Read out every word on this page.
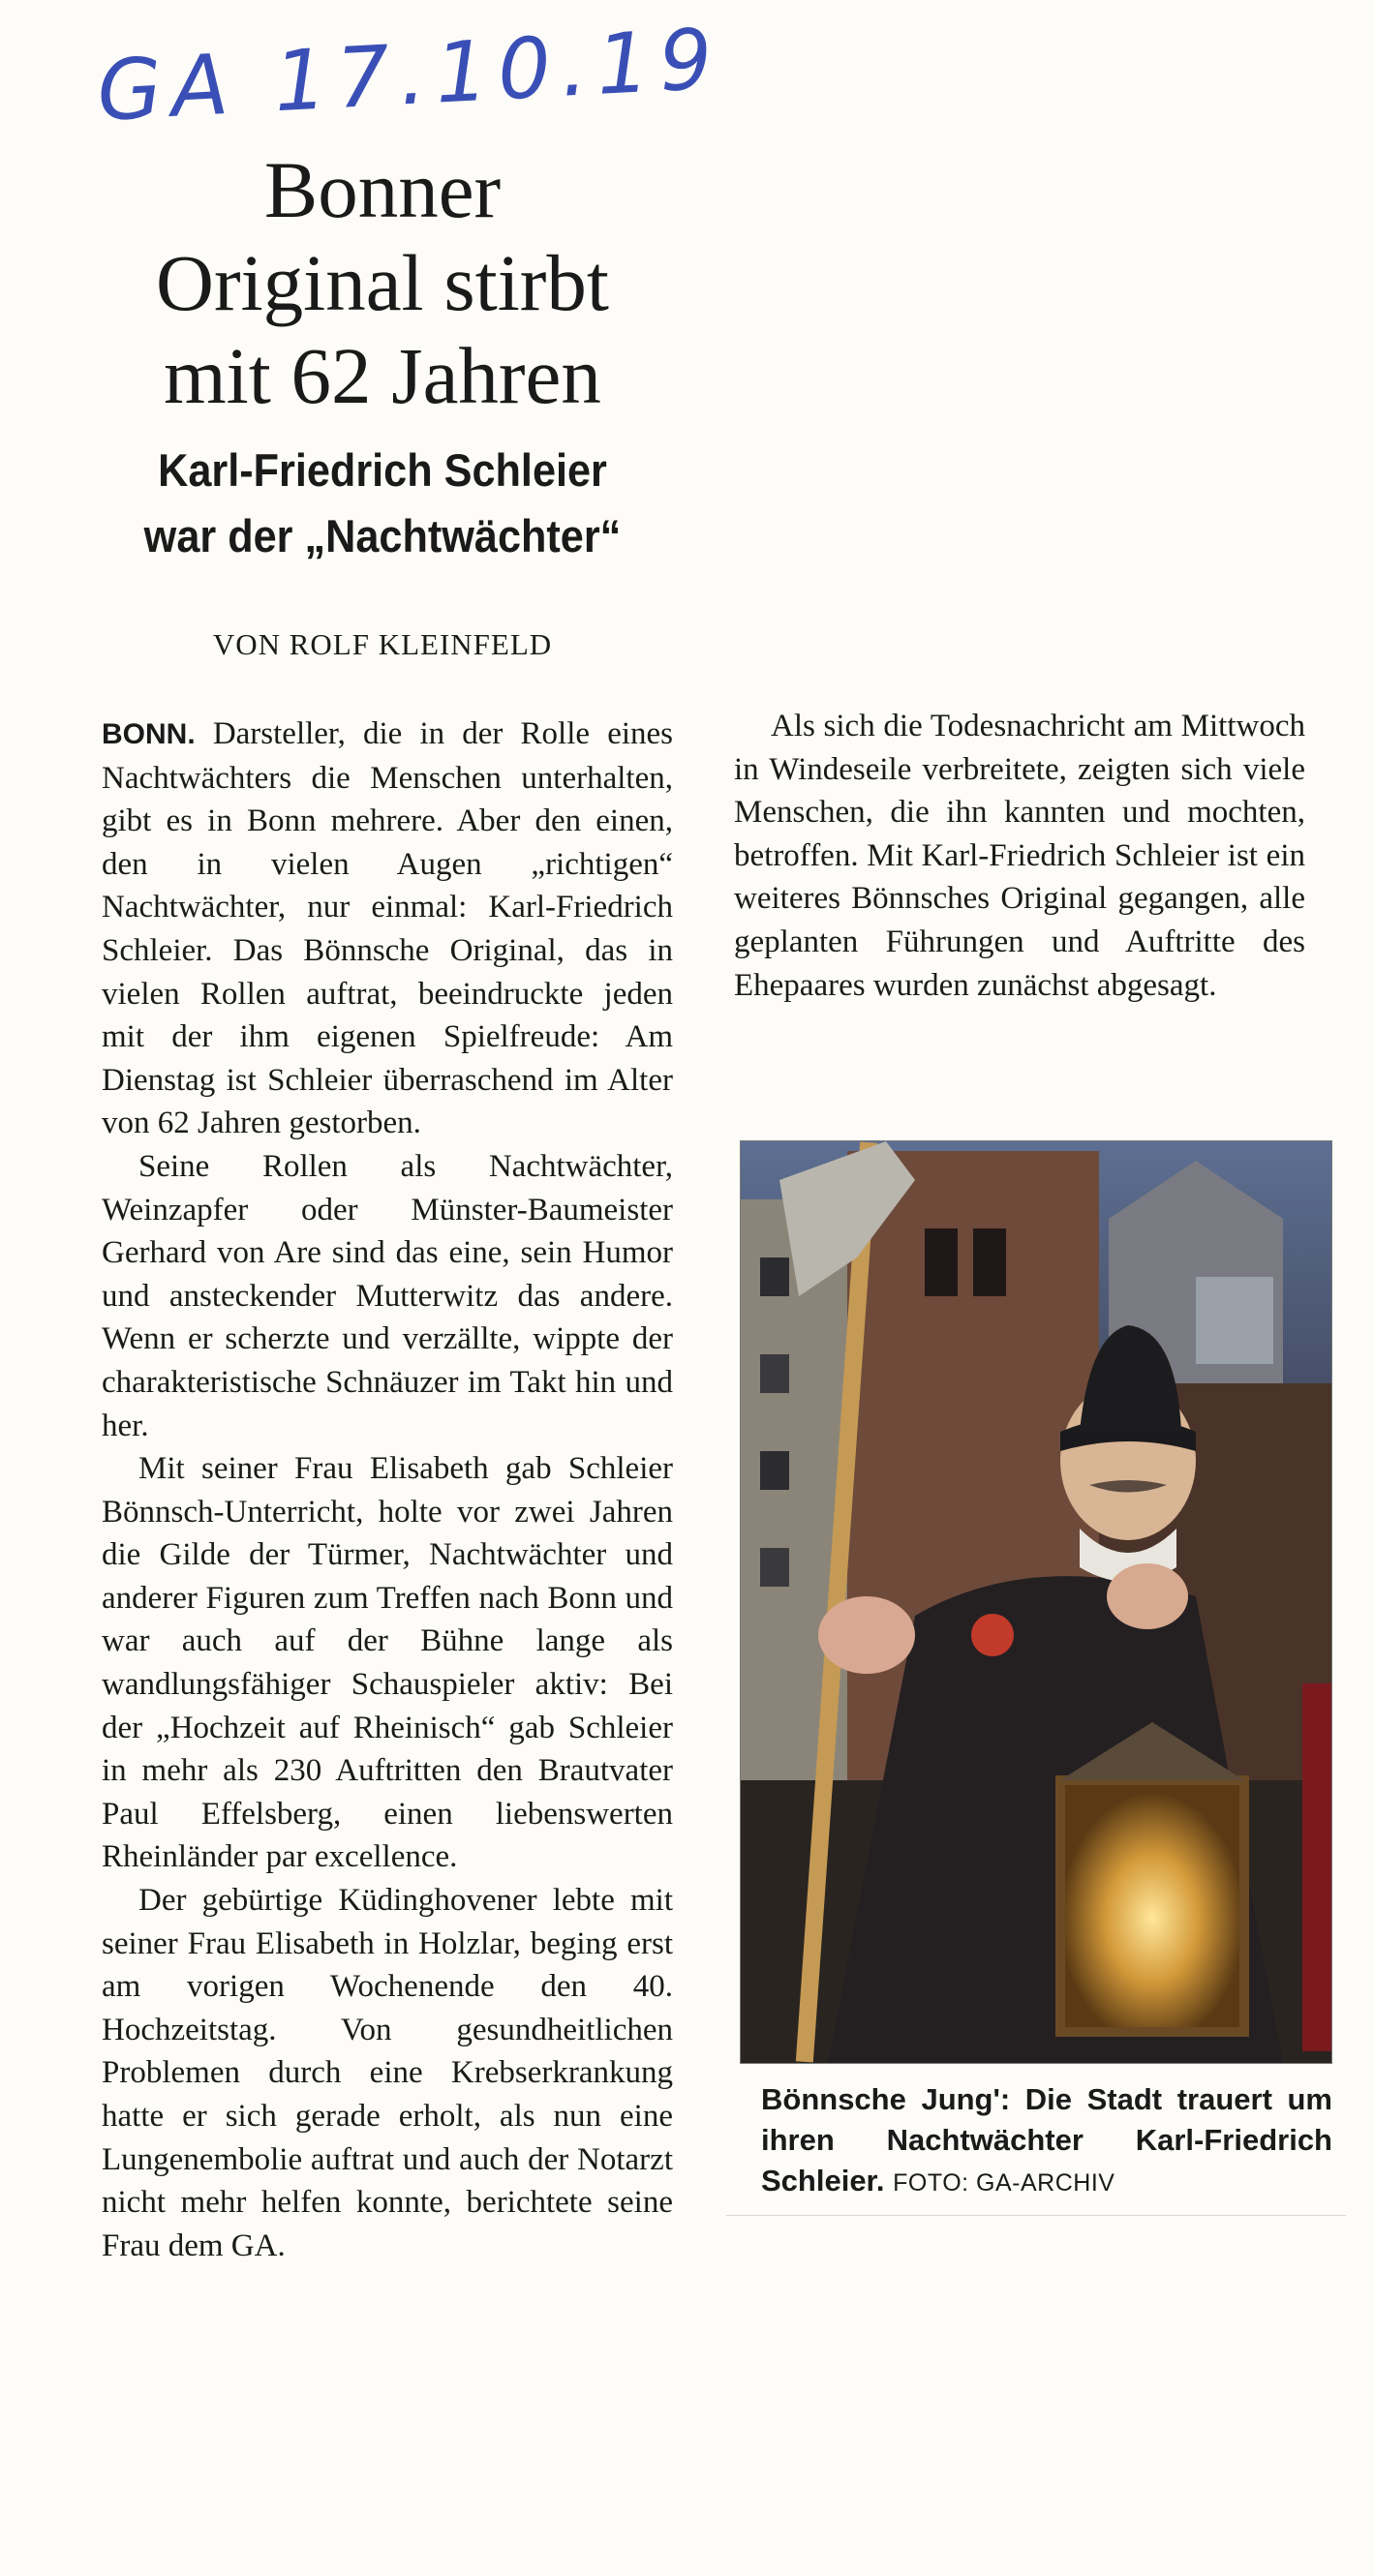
GA 17.10.19
Bonner
Original stirbt
mit 62 Jahren
Karl-Friedrich Schleier
war der „Nachtwächter“
VON ROLF KLEINFELD

BONN. Darsteller, die in der Rolle eines Nachtwächters die Menschen unterhalten, gibt es in Bonn mehrere. Aber den einen, den in vielen Augen „richtigen“ Nachtwächter, nur einmal: Karl-Friedrich Schleier. Das Bönnsche Original, das in vielen Rollen auftrat, beeindruckte jeden mit der ihm eigenen Spielfreude: Am Dienstag ist Schleier überraschend im Alter von 62 Jahren gestorben.

Seine Rollen als Nachtwächter, Weinzapfer oder Münster-Baumeister Gerhard von Are sind das eine, sein Humor und ansteckender Mutterwitz das andere. Wenn er scherzte und verzällte, wippte der charakteristische Schnäuzer im Takt hin und her.

Mit seiner Frau Elisabeth gab Schleier Bönnsch-Unterricht, holte vor zwei Jahren die Gilde der Türmer, Nachtwächter und anderer Figuren zum Treffen nach Bonn und war auch auf der Bühne lange als wandlungsfähiger Schauspieler aktiv: Bei der „Hochzeit auf Rheinisch“ gab Schleier in mehr als 230 Auftritten den Brautvater Paul Effelsberg, einen liebenswerten Rheinländer par excellence.

Der gebürtige Küdinghovener lebte mit seiner Frau Elisabeth in Holzlar, beging erst am vorigen Wochenende den 40. Hochzeitstag. Von gesundheitlichen Problemen durch eine Krebserkrankung hatte er sich gerade erholt, als nun eine Lungenembolie auftrat und auch der Notarzt nicht mehr helfen konnte, berichtete seine Frau dem GA.

Als sich die Todesnachricht am Mittwoch in Windeseile verbreitete, zeigten sich viele Menschen, die ihn kannten und mochten, betroffen. Mit Karl-Friedrich Schleier ist ein weiteres Bönnsches Original gegangen, alle geplanten Führungen und Auftritte des Ehepaares wurden zunächst abgesagt.

Bönnsche Jung': Die Stadt trauert um ihren Nachtwächter Karl-Friedrich Schleier. FOTO: GA-ARCHIV
